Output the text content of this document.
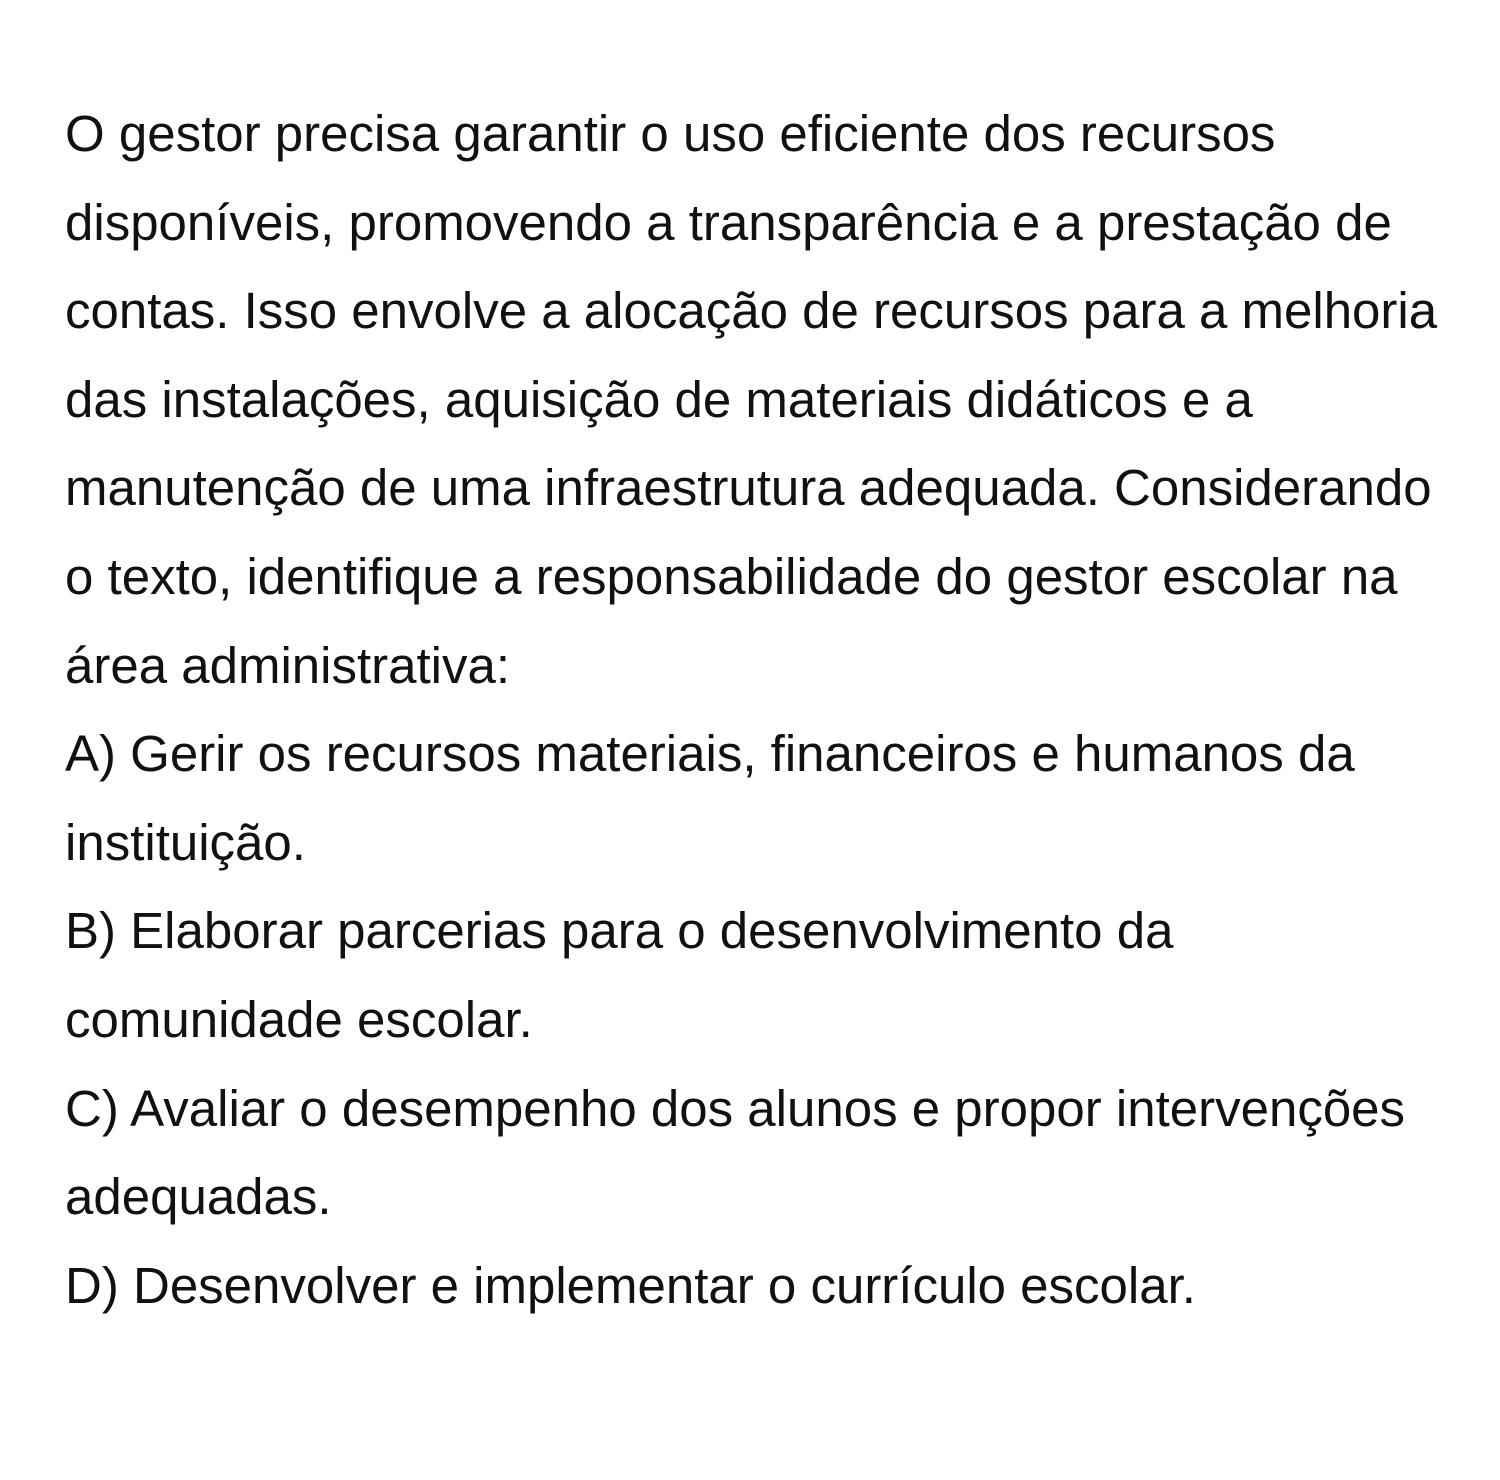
O gestor precisa garantir o uso eficiente dos recursos disponíveis, promovendo a transparência e a prestação de contas. Isso envolve a alocação de recursos para a melhoria das instalações, aquisição de materiais didáticos e a manutenção de uma infraestrutura adequada. Considerando o texto, identifique a responsabilidade do gestor escolar na área administrativa:

A) Gerir os recursos materiais, financeiros e humanos da instituição.
B) Elaborar parcerias para o desenvolvimento da comunidade escolar.
C) Avaliar o desempenho dos alunos e propor intervenções adequadas.
D) Desenvolver e implementar o currículo escolar.
